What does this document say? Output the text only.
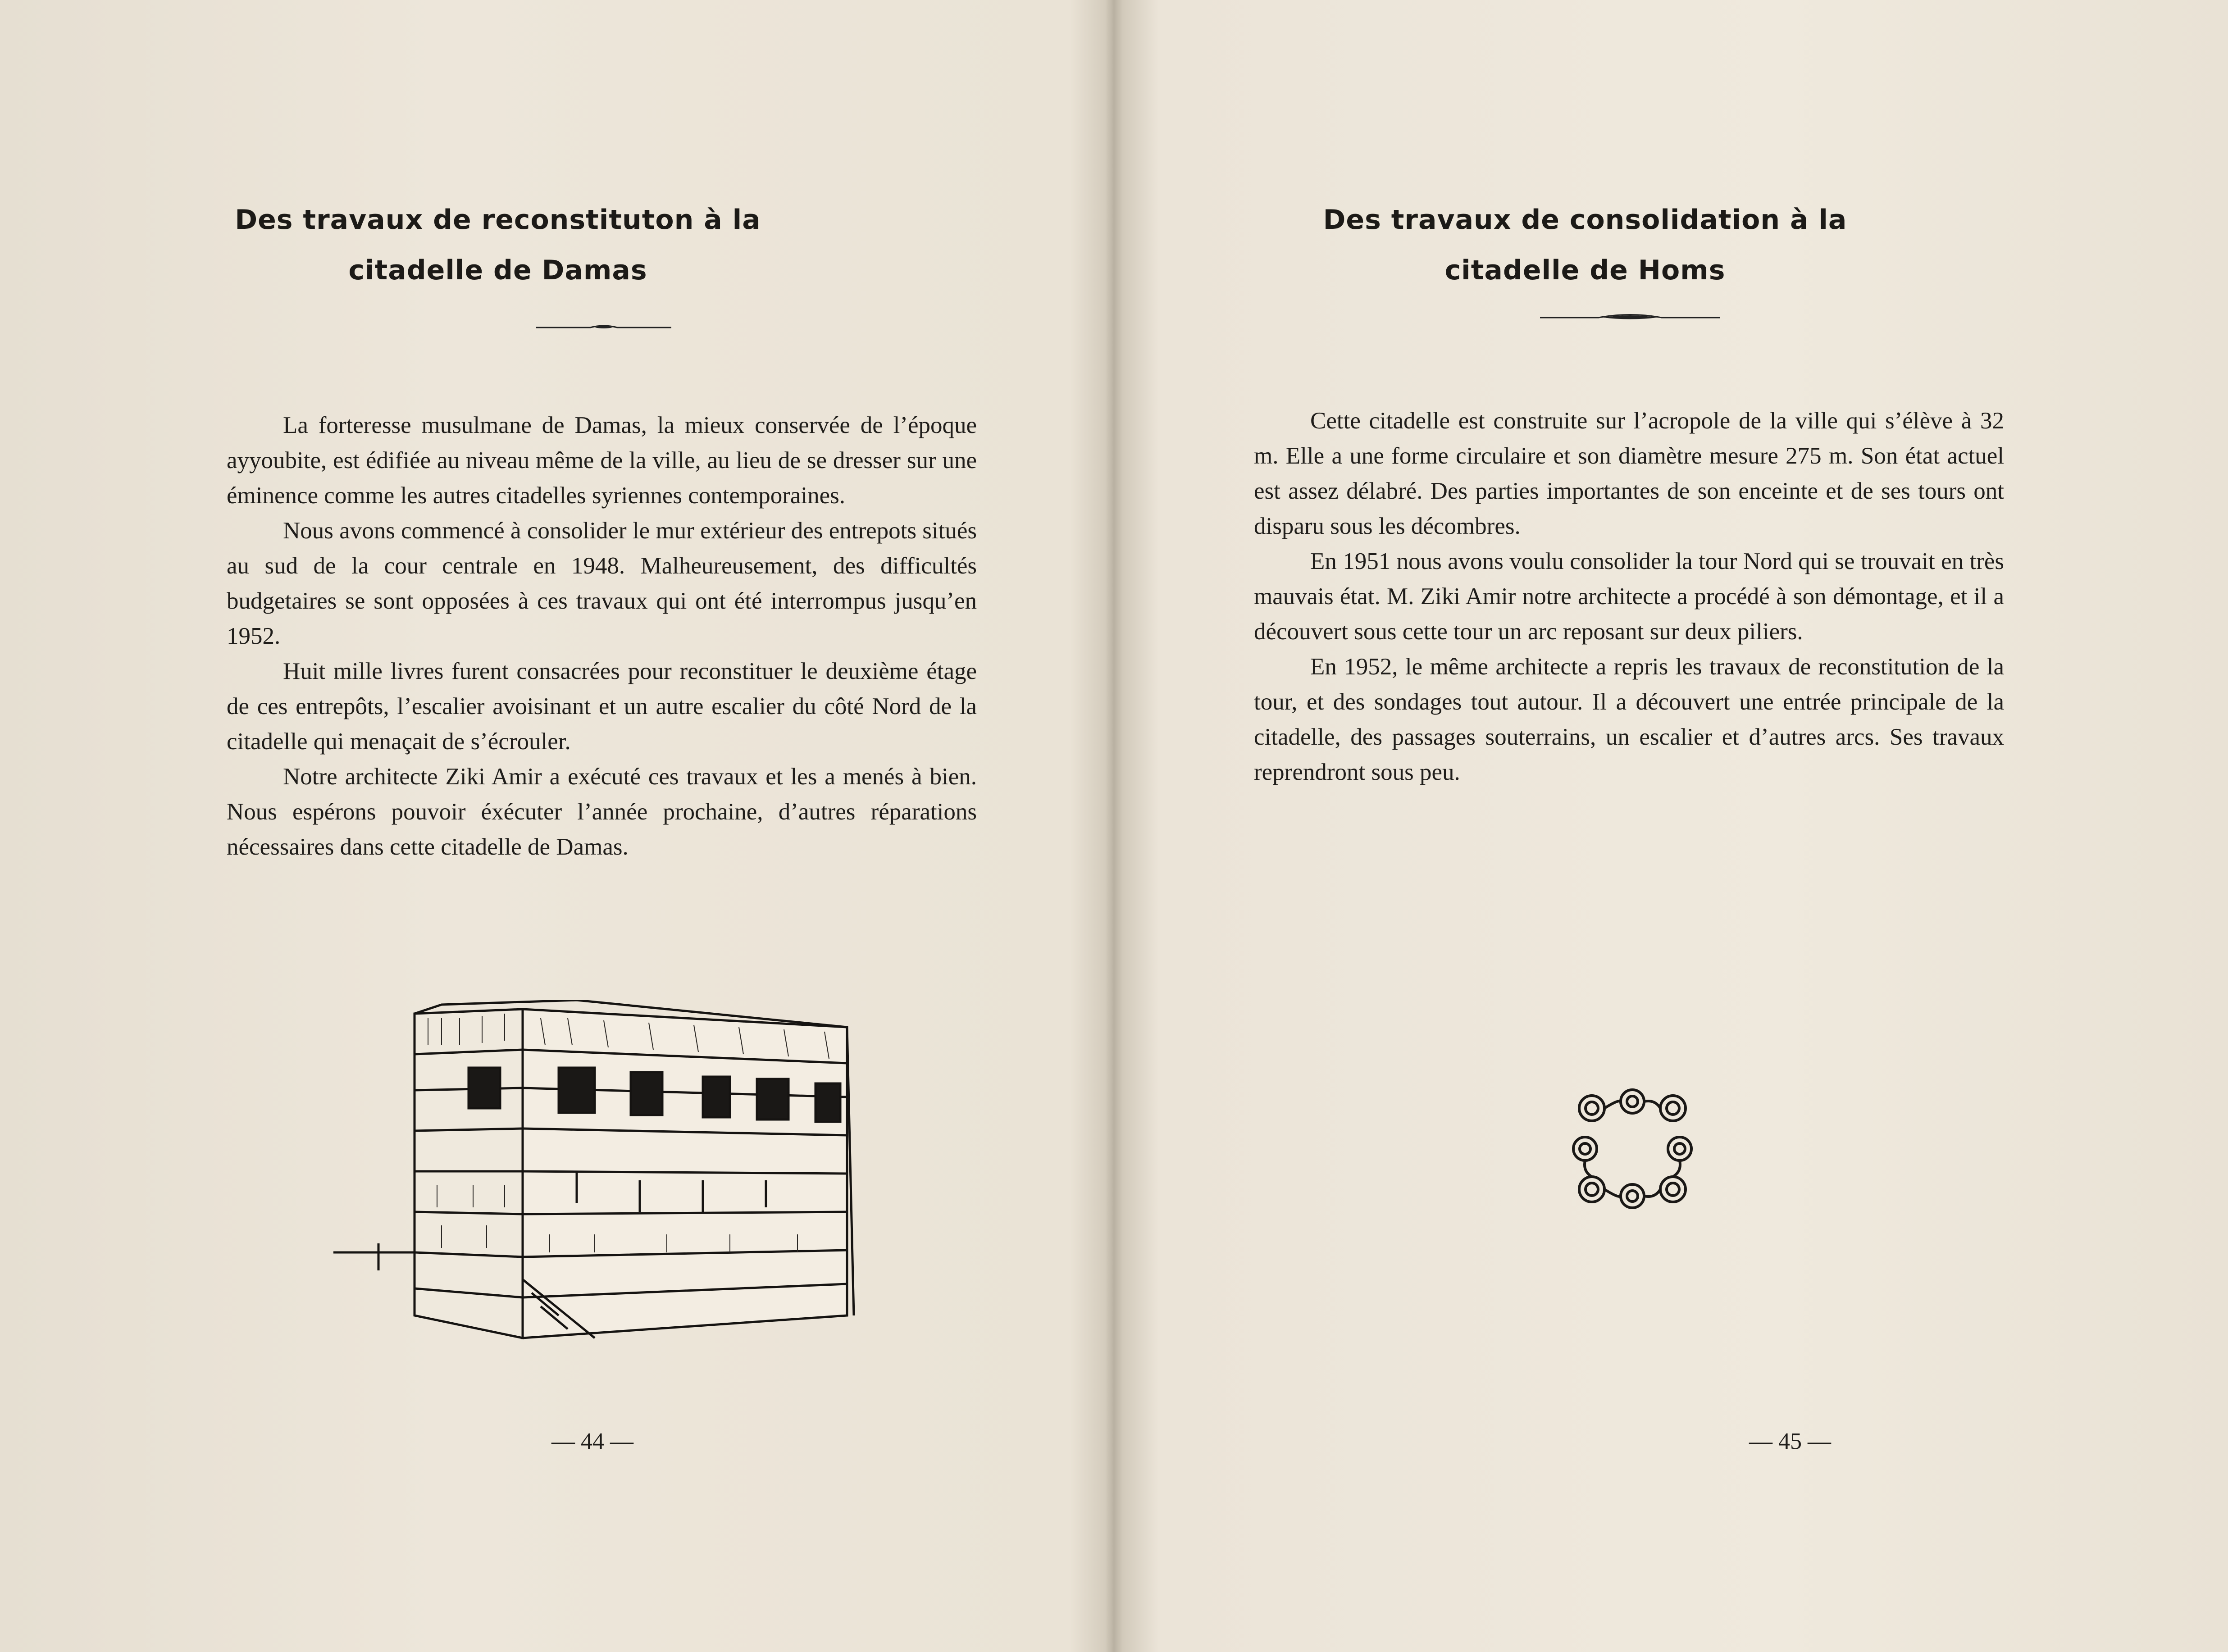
Des travaux de reconstituton à la
citadelle de Damas

La forteresse musulmane de Damas, la mieux conservée de l’époque ayyoubite, est édifiée au niveau même de la ville, au lieu de se dresser sur une éminence comme les autres citadelles syriennes contemporaines.

Nous avons commencé à consolider le mur extérieur des entrepots situés au sud de la cour centrale en 1948. Malheureusement, des difficultés budgetaires se sont opposées à ces travaux qui ont été interrompus jusqu’en 1952.

Huit mille livres furent consacrées pour reconstituer le deuxième étage de ces entrepôts, l’escalier avoisinant et un autre escalier du côté Nord de la citadelle qui menaçait de s’écrouler.

Notre architecte Ziki Amir a exécuté ces travaux et les a menés à bien. Nous espérons pouvoir éxécuter l’année prochaine, d’autres réparations nécessaires dans cette citadelle de Damas.

— 44 —
Des travaux de consolidation à la
citadelle de Homs

Cette citadelle est construite sur l’acropole de la ville qui s’élève à 32 m. Elle a une forme circulaire et son diamètre mesure 275 m. Son état actuel est assez délabré. Des parties importantes de son enceinte et de ses tours ont disparu sous les décombres.

En 1951 nous avons voulu consolider la tour Nord qui se trouvait en très mauvais état. M. Ziki Amir notre architecte a procédé à son démontage, et il a découvert sous cette tour un arc reposant sur deux piliers.

En 1952, le même architecte a repris les travaux de reconstitution de la tour, et des sondages tout autour. Il a découvert une entrée principale de la citadelle, des passages souterrains, un escalier et d’autres arcs. Ses travaux reprendront sous peu.

— 45 —
